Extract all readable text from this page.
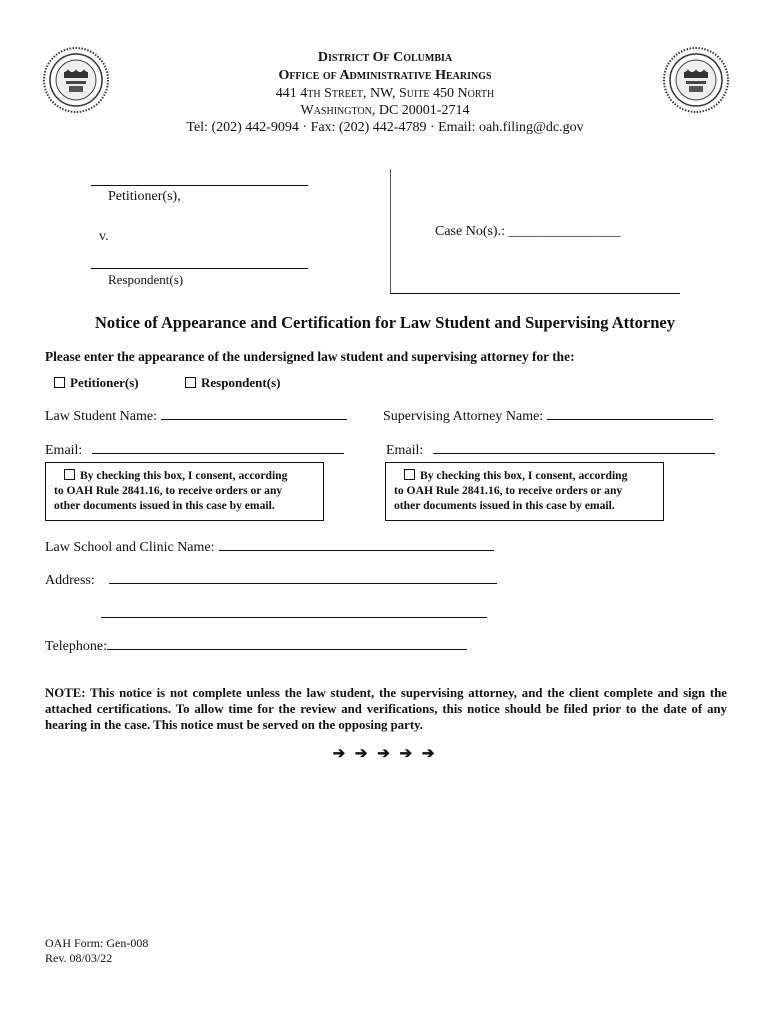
District Of Columbia
Office of Administrative Hearings
441 4th Street, NW, Suite 450 North
Washington, DC 20001-2714
Tel: (202) 442-9094 · Fax: (202) 442-4789 · Email: oah.filing@dc.gov
Petitioner(s),
v.
Respondent(s)
Case No(s).: ________________
Notice of Appearance and Certification for Law Student and Supervising Attorney
Please enter the appearance of the undersigned law student and supervising attorney for the:
Petitioner(s)	Respondent(s)
Law Student Name:	Supervising Attorney Name:
Email:	Email:
By checking this box, I consent, according
to OAH Rule 2841.16, to receive orders or any
other documents issued in this case by email.
By checking this box, I consent, according
to OAH Rule 2841.16, to receive orders or any
other documents issued in this case by email.
Law School and Clinic Name:
Address:
Telephone:
NOTE: This notice is not complete unless the law student, the supervising attorney, and the client complete and sign the attached certifications. To allow time for the review and verifications, this notice should be filed prior to the date of any hearing in the case. This notice must be served on the opposing party.
➔ ➔ ➔ ➔ ➔
OAH Form: Gen-008
Rev. 08/03/22
